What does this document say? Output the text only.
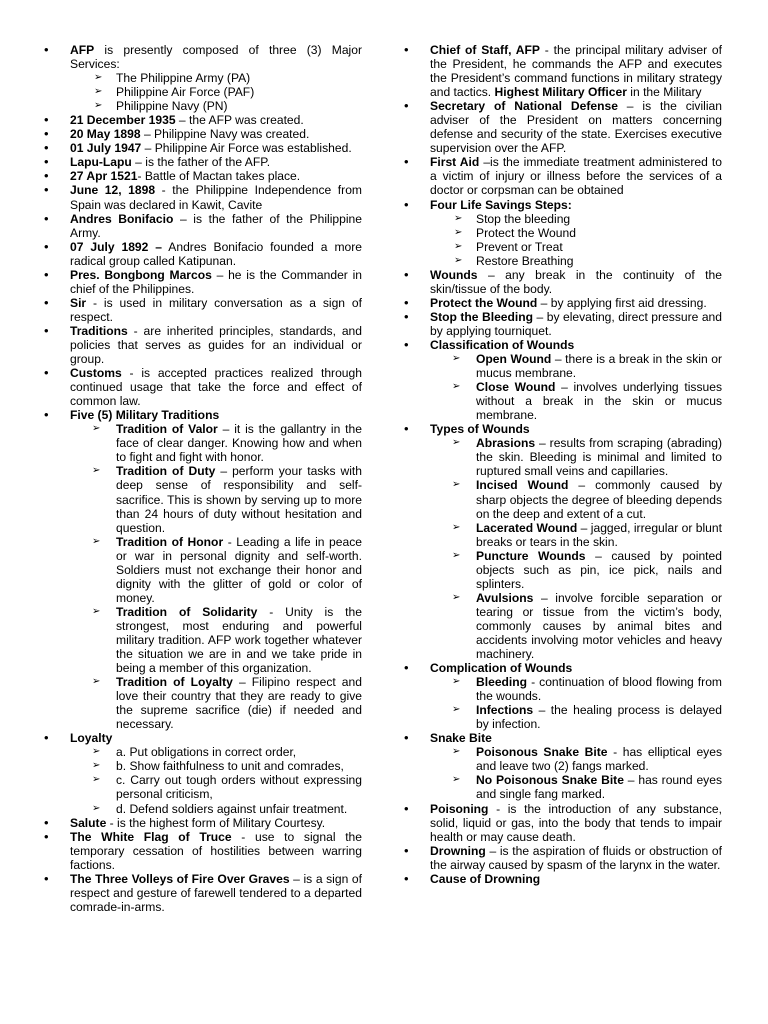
• AFP is presently composed of three (3) Major Services:
➢ The Philippine Army (PA)
➢ Philippine Air Force (PAF)
➢ Philippine Navy (PN)
• 21 December 1935 – the AFP was created.
• 20 May 1898 – Philippine Navy was created.
• 01 July 1947 – Philippine Air Force was established.
• Lapu-Lapu – is the father of the AFP.
• 27 Apr 1521- Battle of Mactan takes place.
• June 12, 1898 - the Philippine Independence from Spain was declared in Kawit, Cavite
• Andres Bonifacio – is the father of the Philippine Army.
• 07 July 1892 – Andres Bonifacio founded a more radical group called Katipunan.
• Pres. Bongbong Marcos – he is the Commander in chief of the Philippines.
• Sir - is used in military conversation as a sign of respect.
• Traditions - are inherited principles, standards, and policies that serves as guides for an individual or group.
• Customs - is accepted practices realized through continued usage that take the force and effect of common law.
• Five (5) Military Traditions
➢ Tradition of Valor – it is the gallantry in the face of clear danger. Knowing how and when to fight and fight with honor.
➢ Tradition of Duty – perform your tasks with deep sense of responsibility and self-sacrifice. This is shown by serving up to more than 24 hours of duty without hesitation and question.
➢ Tradition of Honor - Leading a life in peace or war in personal dignity and self-worth. Soldiers must not exchange their honor and dignity with the glitter of gold or color of money.
➢ Tradition of Solidarity - Unity is the strongest, most enduring and powerful military tradition. AFP work together whatever the situation we are in and we take pride in being a member of this organization.
➢ Tradition of Loyalty – Filipino respect and love their country that they are ready to give the supreme sacrifice (die) if needed and necessary.
• Loyalty
➢ a. Put obligations in correct order,
➢ b. Show faithfulness to unit and comrades,
➢ c. Carry out tough orders without expressing personal criticism,
➢ d. Defend soldiers against unfair treatment.
• Salute - is the highest form of Military Courtesy.
• The White Flag of Truce - use to signal the temporary cessation of hostilities between warring factions.
• The Three Volleys of Fire Over Graves – is a sign of respect and gesture of farewell tendered to a departed comrade-in-arms.
• Chief of Staff, AFP - the principal military adviser of the President, he commands the AFP and executes the President’s command functions in military strategy and tactics. Highest Military Officer in the Military
• Secretary of National Defense – is the civilian adviser of the President on matters concerning defense and security of the state. Exercises executive supervision over the AFP.
• First Aid –is the immediate treatment administered to a victim of injury or illness before the services of a doctor or corpsman can be obtained
• Four Life Savings Steps:
➢ Stop the bleeding
➢ Protect the Wound
➢ Prevent or Treat
➢ Restore Breathing
• Wounds – any break in the continuity of the skin/tissue of the body.
• Protect the Wound – by applying first aid dressing.
• Stop the Bleeding – by elevating, direct pressure and by applying tourniquet.
• Classification of Wounds
➢ Open Wound – there is a break in the skin or mucus membrane.
➢ Close Wound – involves underlying tissues without a break in the skin or mucus membrane.
• Types of Wounds
➢ Abrasions – results from scraping (abrading) the skin. Bleeding is minimal and limited to ruptured small veins and capillaries.
➢ Incised Wound – commonly caused by sharp objects the degree of bleeding depends on the deep and extent of a cut.
➢ Lacerated Wound – jagged, irregular or blunt breaks or tears in the skin.
➢ Puncture Wounds – caused by pointed objects such as pin, ice pick, nails and splinters.
➢ Avulsions – involve forcible separation or tearing or tissue from the victim’s body, commonly causes by animal bites and accidents involving motor vehicles and heavy machinery.
• Complication of Wounds
➢ Bleeding - continuation of blood flowing from the wounds.
➢ Infections – the healing process is delayed by infection.
• Snake Bite
➢ Poisonous Snake Bite - has elliptical eyes and leave two (2) fangs marked.
➢ No Poisonous Snake Bite – has round eyes and single fang marked.
• Poisoning - is the introduction of any substance, solid, liquid or gas, into the body that tends to impair health or may cause death.
• Drowning – is the aspiration of fluids or obstruction of the airway caused by spasm of the larynx in the water.
• Cause of Drowning
